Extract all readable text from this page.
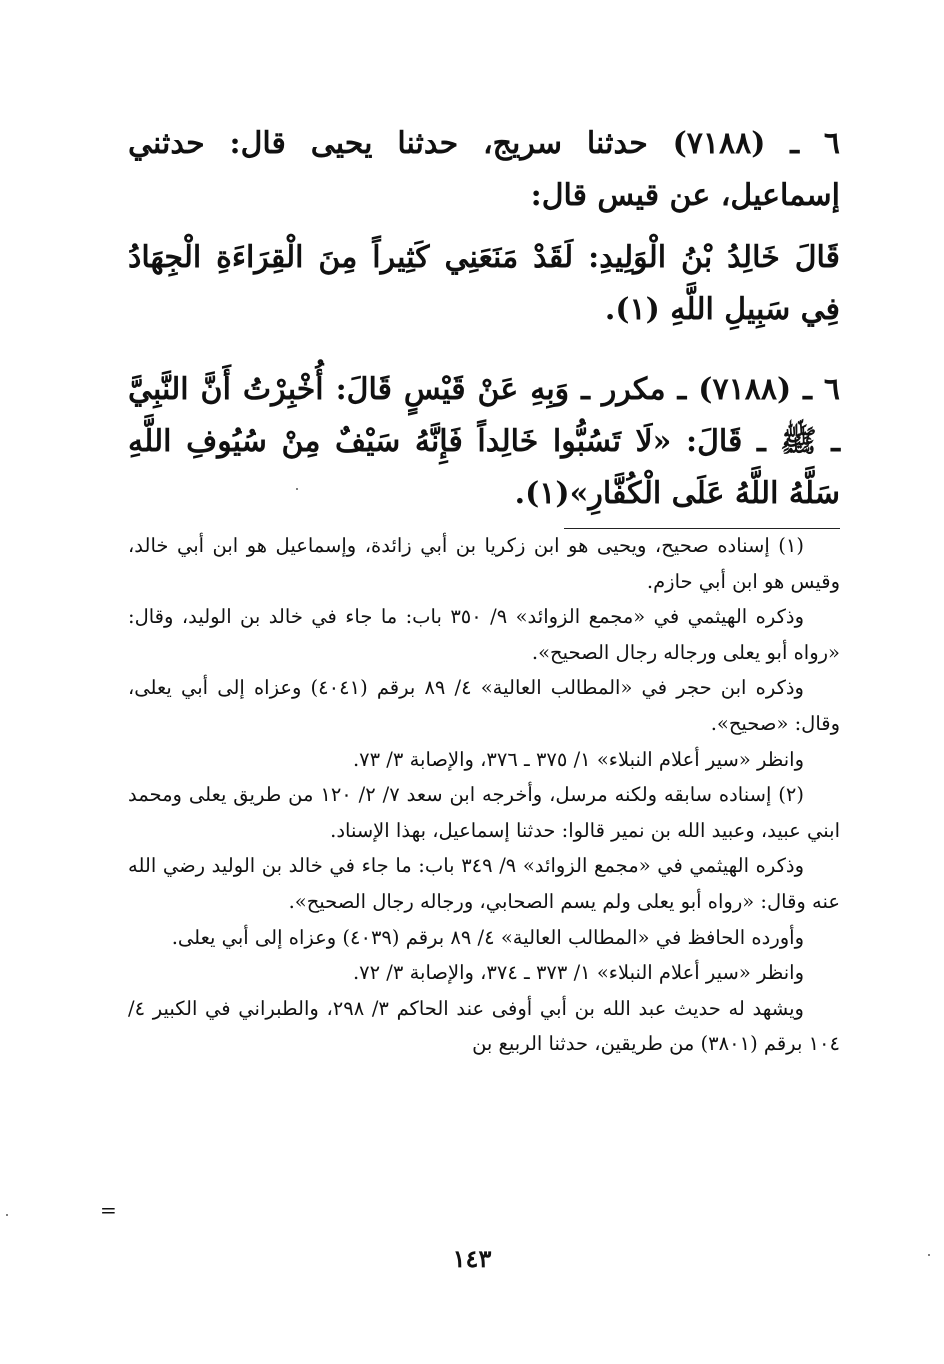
٦ ـ (٧١٨٨) حدثنا سريج، حدثنا يحيى قال: حدثني إسماعيل، عن قيس قال:
قَالَ خَالِدُ بْنُ الْوَلِيدِ: لَقَدْ مَنَعَنِي كَثِيراً مِنَ الْقِرَاءَةِ الْجِهَادُ فِي سَبِيلِ اللَّهِ (١).
٦ ـ (٧١٨٨) ـ مكرر ـ وَبِهِ عَنْ قَيْسٍ قَالَ: أُخْبِرْتُ أَنَّ النَّبِيَّ ـ ﷺ ـ قَالَ: «لَا تَسُبُّوا خَالِداً فَإِنَّهُ سَيْفٌ مِنْ سُيُوفِ اللَّهِ سَلَّهُ اللَّهُ عَلَى الْكُفَّارِ»(١).

(١) إسناده صحيح، ويحيى هو ابن زكريا بن أبي زائدة، وإسماعيل هو ابن أبي خالد، وقيس هو ابن أبي حازم.

وذكره الهيثمي في «مجمع الزوائد» ٩/ ٣٥٠ باب: ما جاء في خالد بن الوليد، وقال: «رواه أبو يعلى ورجاله رجال الصحيح».

وذكره ابن حجر في «المطالب العالية» ٤/ ٨٩ برقم (٤٠٤١) وعزاه إلى أبي يعلى، وقال: «صحيح».

وانظر «سير أعلام النبلاء» ١/ ٣٧٥ ـ ٣٧٦، والإصابة ٣/ ٧٣.

(٢) إسناده سابقه ولكنه مرسل، وأخرجه ابن سعد ٧/ ٢/ ١٢٠ من طريق يعلى ومحمد ابني عبيد، وعبيد الله بن نمير قالوا: حدثنا إسماعيل، بهذا الإسناد.

وذكره الهيثمي في «مجمع الزوائد» ٩/ ٣٤٩ باب: ما جاء في خالد بن الوليد رضي الله عنه وقال: «رواه أبو يعلى ولم يسم الصحابي، ورجاله رجال الصحيح».

وأورده الحافظ في «المطالب العالية» ٤/ ٨٩ برقم (٤٠٣٩) وعزاه إلى أبي يعلى.

وانظر «سير أعلام النبلاء» ١/ ٣٧٣ ـ ٣٧٤، والإصابة ٣/ ٧٢.

ويشهد له حديث عبد الله بن أبي أوفى عند الحاكم ٣/ ٢٩٨، والطبراني في الكبير ٤/ ١٠٤ برقم (٣٨٠١) من طريقين، حدثنا الربيع بن

=
١٤٣
